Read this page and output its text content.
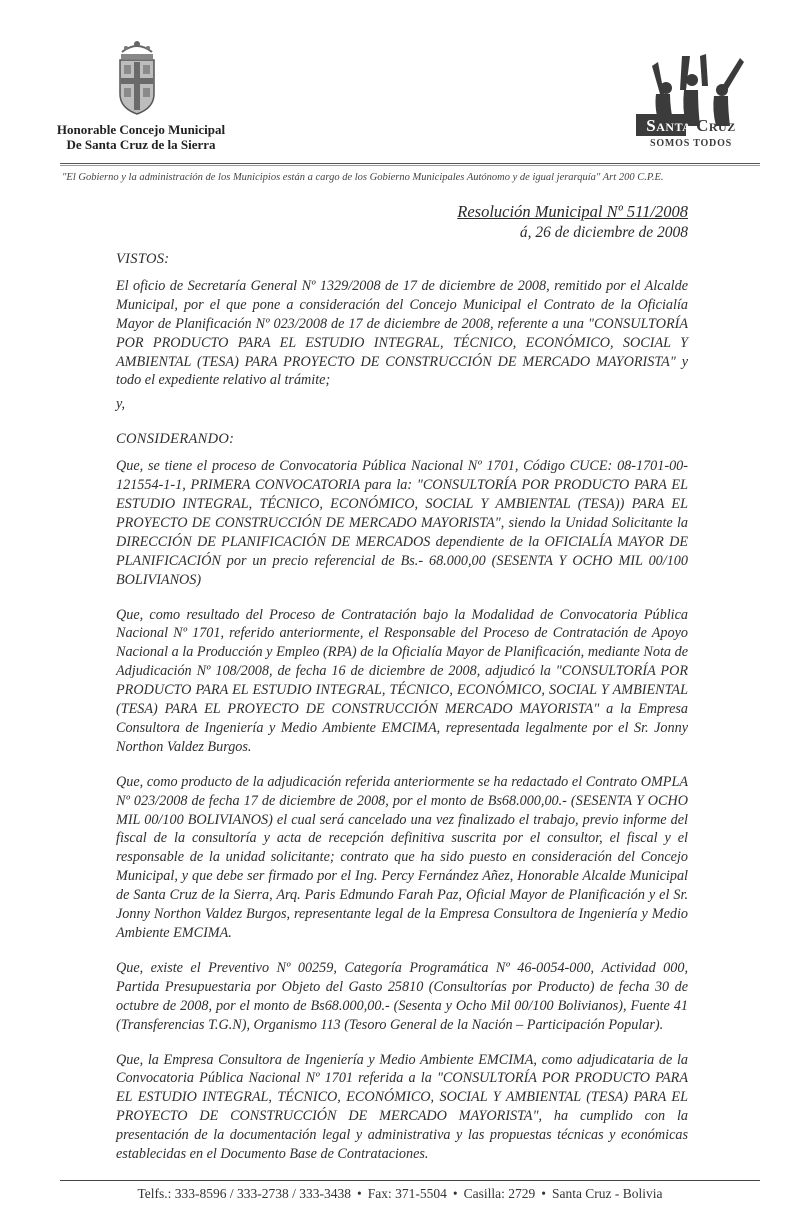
Honorable Concejo Municipal
De Santa Cruz de la Sierra
SANTA CRUZ
SOMOS TODOS
"El Gobierno y la administración de los Municipios están a cargo de los Gobierno Municipales Autónomo y de igual jerarquía" Art 200 C.P.E.
Resolución Municipal Nº 511/2008
á, 26 de diciembre de 2008
VISTOS:

El oficio de Secretaría General Nº 1329/2008 de 17 de diciembre de 2008, remitido por el Alcalde Municipal, por el que pone a consideración del Concejo Municipal el Contrato de la Oficialía Mayor de Planificación Nº 023/2008 de 17 de diciembre de 2008, referente a una "CONSULTORÍA POR PRODUCTO PARA EL ESTUDIO INTEGRAL, TÉCNICO, ECONÓMICO, SOCIAL Y AMBIENTAL (TESA) PARA PROYECTO DE CONSTRUCCIÓN DE MERCADO MAYORISTA" y todo el expediente relativo al trámite;

y,
CONSIDERANDO:

Que, se tiene el proceso de Convocatoria Pública Nacional Nº 1701, Código CUCE: 08-1701-00-121554-1-1, PRIMERA CONVOCATORIA para la: "CONSULTORÍA POR PRODUCTO PARA EL ESTUDIO INTEGRAL, TÉCNICO, ECONÓMICO, SOCIAL Y AMBIENTAL (TESA)) PARA EL PROYECTO DE CONSTRUCCIÓN DE MERCADO MAYORISTA", siendo la Unidad Solicitante la DIRECCIÓN DE PLANIFICACIÓN DE MERCADOS dependiente de la OFICIALÍA MAYOR DE PLANIFICACIÓN por un precio referencial de Bs.- 68.000,00 (SESENTA Y OCHO MIL 00/100 BOLIVIANOS)

Que, como resultado del Proceso de Contratación bajo la Modalidad de Convocatoria Pública Nacional Nº 1701, referido anteriormente, el Responsable del Proceso de Contratación de Apoyo Nacional a la Producción y Empleo (RPA) de la Oficialía Mayor de Planificación, mediante Nota de Adjudicación Nº 108/2008, de fecha 16 de diciembre de 2008, adjudicó la "CONSULTORÍA POR PRODUCTO PARA EL ESTUDIO INTEGRAL, TÉCNICO, ECONÓMICO, SOCIAL Y AMBIENTAL (TESA) PARA EL PROYECTO DE CONSTRUCCIÓN MERCADO MAYORISTA" a la Empresa Consultora de Ingeniería y Medio Ambiente EMCIMA, representada legalmente por el Sr. Jonny Northon Valdez Burgos.

Que, como producto de la adjudicación referida anteriormente se ha redactado el Contrato OMPLA Nº 023/2008 de fecha 17 de diciembre de 2008, por el monto de Bs68.000,00.- (SESENTA Y OCHO MIL 00/100 BOLIVIANOS) el cual será cancelado una vez finalizado el trabajo, previo informe del fiscal de la consultoría y acta de recepción definitiva suscrita por el consultor, el fiscal y el responsable de la unidad solicitante; contrato que ha sido puesto en consideración del Concejo Municipal, y que debe ser firmado por el Ing. Percy Fernández Añez, Honorable Alcalde Municipal de Santa Cruz de la Sierra, Arq. Paris Edmundo Farah Paz, Oficial Mayor de Planificación y el Sr. Jonny Northon Valdez Burgos, representante legal de la Empresa Consultora de Ingeniería y Medio Ambiente EMCIMA.

Que, existe el Preventivo Nº 00259, Categoría Programática Nº 46-0054-000, Actividad 000, Partida Presupuestaria por Objeto del Gasto 25810 (Consultorías por Producto) de fecha 30 de octubre de 2008, por el monto de Bs68.000,00.- (Sesenta y Ocho Mil 00/100 Bolivianos), Fuente 41 (Transferencias T.G.N), Organismo 113 (Tesoro General de la Nación – Participación Popular).

Que, la Empresa Consultora de Ingeniería y Medio Ambiente EMCIMA, como adjudicataria de la Convocatoria Pública Nacional Nº 1701 referida a la "CONSULTORÍA POR PRODUCTO PARA EL ESTUDIO INTEGRAL, TÉCNICO, ECONÓMICO, SOCIAL Y AMBIENTAL (TESA) PARA EL PROYECTO DE CONSTRUCCIÓN DE MERCADO MAYORISTA", ha cumplido con la presentación de la documentación legal y administrativa y las propuestas técnicas y económicas establecidas en el Documento Base de Contrataciones.

Telfs.: 333-8596 / 333-2738 / 333-3438 • Fax: 371-5504 • Casilla: 2729 • Santa Cruz - Bolivia
